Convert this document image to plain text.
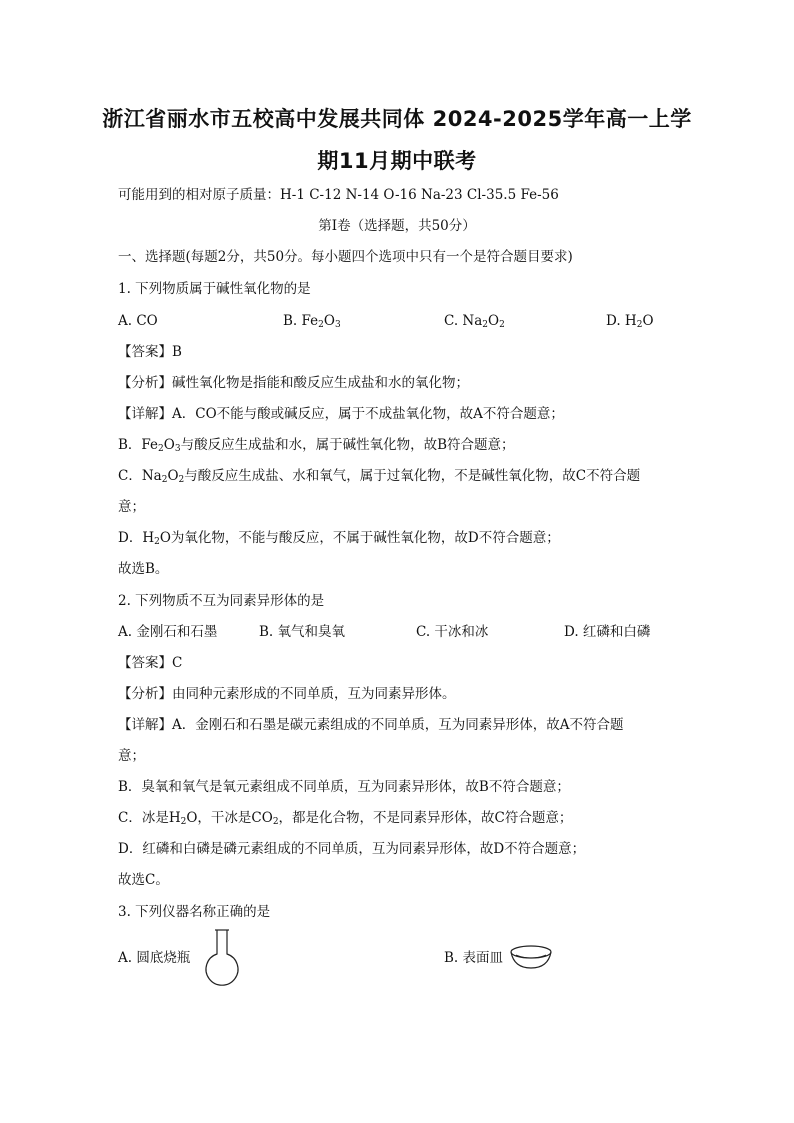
浙江省丽水市五校高中发展共同体 2024-2025学年高一上学
期11月期中联考
可能用到的相对原子质量：H-1 C-12 N-14 O-16 Na-23 Cl-35.5 Fe-56
第Ⅰ卷（选择题，共50分）
一、选择题(每题2分，共50分。每小题四个选项中只有一个是符合题目要求)
1. 下列物质属于碱性氧化物的是
A. CO	B. $Fe_2O_3$	C. $Na_2O_2$	D. $H_2O$
【答案】B
【分析】碱性氧化物是指能和酸反应生成盐和水的氧化物；
【详解】A．CO不能与酸或碱反应，属于不成盐氧化物，故A不符合题意；
B．$Fe_2O_3$与酸反应生成盐和水，属于碱性氧化物，故B符合题意；
C．$Na_2O_2$与酸反应生成盐、水和氧气，属于过氧化物，不是碱性氧化物，故C不符合题
意；
D．$H_2O$为氧化物，不能与酸反应，不属于碱性氧化物，故D不符合题意；
故选B。
2. 下列物质不互为同素异形体的是
A. 金刚石和石墨	B. 氧气和臭氧	C. 干冰和冰	D. 红磷和白磷
【答案】C
【分析】由同种元素形成的不同单质，互为同素异形体。
【详解】A．金刚石和石墨是碳元素组成的不同单质，互为同素异形体，故A不符合题
意；
B．臭氧和氧气是氧元素组成不同单质，互为同素异形体，故B不符合题意；
C．冰是$H_2O$，干冰是$CO_2$，都是化合物，不是同素异形体，故C符合题意；
D．红磷和白磷是磷元素组成的不同单质，互为同素异形体，故D不符合题意；
故选C。
3. 下列仪器名称正确的是
A. 圆底烧瓶	B. 表面皿
